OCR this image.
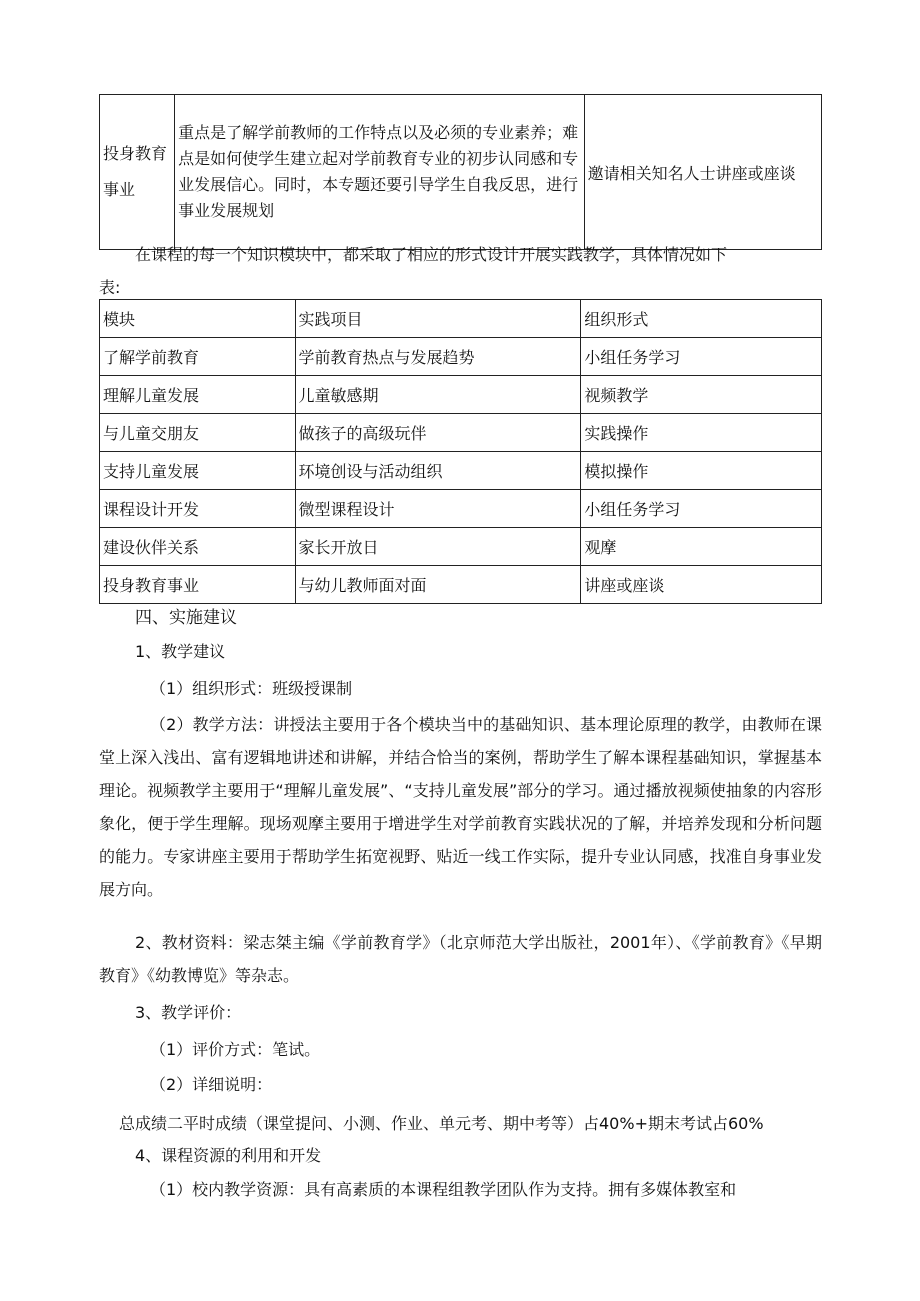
投身教育事业	重点是了解学前教师的工作特点以及必须的专业素养；难点是如何使学生建立起对学前教育专业的初步认同感和专业发展信心。同时，本专题还要引导学生自我反思，进行事业发展规划	邀请相关知名人士讲座或座谈
在课程的每一个知识模块中，都采取了相应的形式设计开展实践教学，具体情况如下
表:
模块	实践项目	组织形式
了解学前教育	学前教育热点与发展趋势	小组任务学习
理解儿童发展	儿童敏感期	视频教学
与儿童交朋友	做孩子的高级玩伴	实践操作
支持儿童发展	环境创设与活动组织	模拟操作
课程设计开发	微型课程设计	小组任务学习
建设伙伴关系	家长开放日	观摩
投身教育事业	与幼儿教师面对面	讲座或座谈
四、实施建议
1、教学建议
（1）组织形式：班级授课制
（2）教学方法：讲授法主要用于各个模块当中的基础知识、基本理论原理的教学，由教师在课堂上深入浅出、富有逻辑地讲述和讲解，并结合恰当的案例，帮助学生了解本课程基础知识，掌握基本理论。视频教学主要用于“理解儿童发展”、“支持儿童发展”部分的学习。通过播放视频使抽象的内容形象化，便于学生理解。现场观摩主要用于增进学生对学前教育实践状况的了解，并培养发现和分析问题的能力。专家讲座主要用于帮助学生拓宽视野、贴近一线工作实际，提升专业认同感，找准自身事业发展方向。
2、教材资料：梁志桀主编《学前教育学》（北京师范大学出版社，2001年）、《学前教育》《早期教育》《幼教博览》等杂志。
3、教学评价：
（1）评价方式：笔试。
（2）详细说明：
总成绩二平时成绩（课堂提问、小测、作业、单元考、期中考等）占40%+期末考试占60%
4、课程资源的利用和开发
（1）校内教学资源：具有高素质的本课程组教学团队作为支持。拥有多媒体教室和
